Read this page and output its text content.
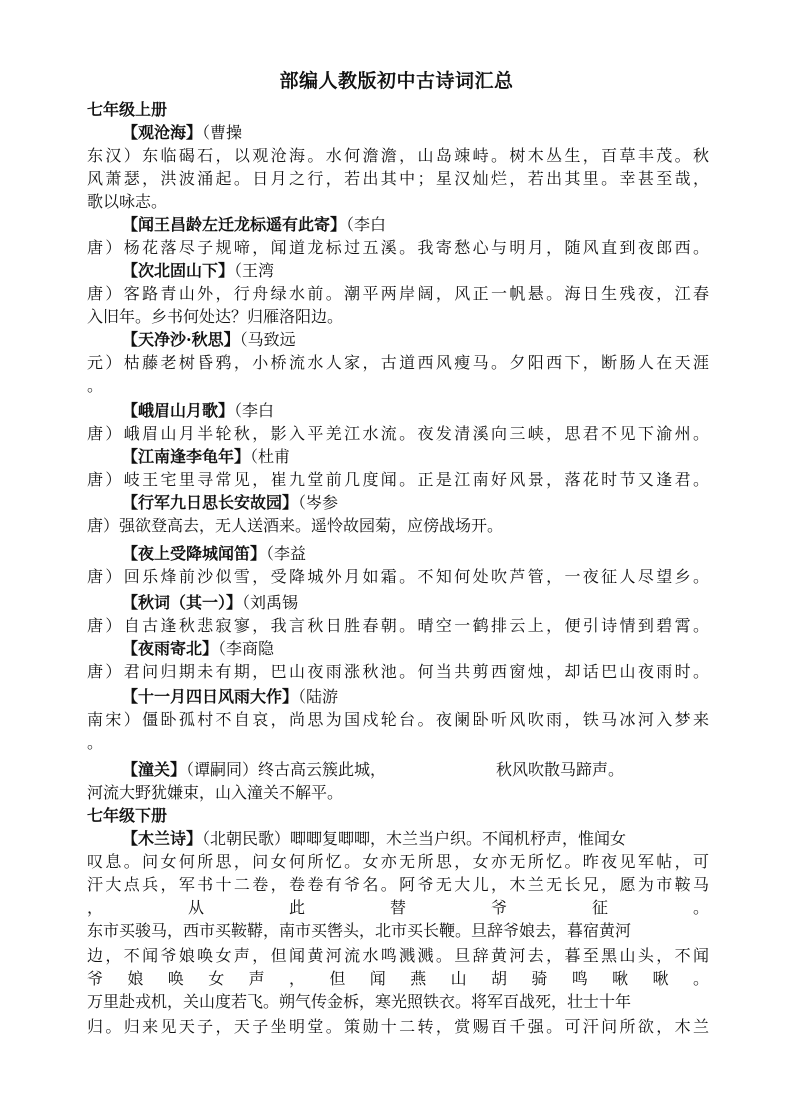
部编人教版初中古诗词汇总
七年级上册
【观沧海】（曹操
东汉）东临碣石，以观沧海。水何澹澹，山岛竦峙。树木丛生，百草丰茂。秋
风萧瑟，洪波涌起。日月之行，若出其中；星汉灿烂，若出其里。幸甚至哉，
歌以咏志。
【闻王昌龄左迁龙标遥有此寄】（李白
唐）杨花落尽子规啼，闻道龙标过五溪。我寄愁心与明月，随风直到夜郎西。
【次北固山下】（王湾
唐）客路青山外，行舟绿水前。潮平两岸阔，风正一帆悬。海日生残夜，江春
入旧年。乡书何处达？归雁洛阳边。
【天净沙·秋思】（马致远
元）枯藤老树昏鸦，小桥流水人家，古道西风瘦马。夕阳西下，断肠人在天涯
。
【峨眉山月歌】（李白
唐）峨眉山月半轮秋，影入平羌江水流。夜发清溪向三峡，思君不见下渝州。
【江南逢李龟年】（杜甫
唐）岐王宅里寻常见，崔九堂前几度闻。正是江南好风景，落花时节又逢君。
【行军九日思长安故园】（岑参
唐）强欲登高去，无人送酒来。遥怜故园菊，应傍战场开。
【夜上受降城闻笛】（李益
唐）回乐烽前沙似雪，受降城外月如霜。不知何处吹芦管，一夜征人尽望乡。
【秋词（其一）】（刘禹锡
唐）自古逢秋悲寂寥，我言秋日胜春朝。晴空一鹤排云上，便引诗情到碧霄。
【夜雨寄北】（李商隐
唐）君问归期未有期，巴山夜雨涨秋池。何当共剪西窗烛，却话巴山夜雨时。
【十一月四日风雨大作】（陆游
南宋）僵卧孤村不自哀，尚思为国戍轮台。夜阑卧听风吹雨，铁马冰河入梦来
。
【潼关】（谭嗣同）终古高云簇此城，	秋风吹散马蹄声。
河流大野犹嫌束，山入潼关不解平。
七年级下册
【木兰诗】（北朝民歌）唧唧复唧唧，木兰当户织。不闻机杼声，惟闻女
叹息。问女何所思，问女何所忆。女亦无所思，女亦无所忆。昨夜见军帖，可
汗大点兵，军书十二卷，卷卷有爷名。阿爷无大儿，木兰无长兄，愿为市鞍马
，从此替爷征。
东市买骏马，西市买鞍鞯，南市买辔头，北市买长鞭。旦辞爷娘去，暮宿黄河
边，不闻爷娘唤女声，但闻黄河流水鸣溅溅。旦辞黄河去，暮至黑山头，不闻
爷娘唤女声，但闻燕山胡骑鸣啾啾。
万里赴戎机，关山度若飞。朔气传金柝，寒光照铁衣。将军百战死，壮士十年
归。归来见天子，天子坐明堂。策勋十二转，赏赐百千强。可汗问所欲，木兰
